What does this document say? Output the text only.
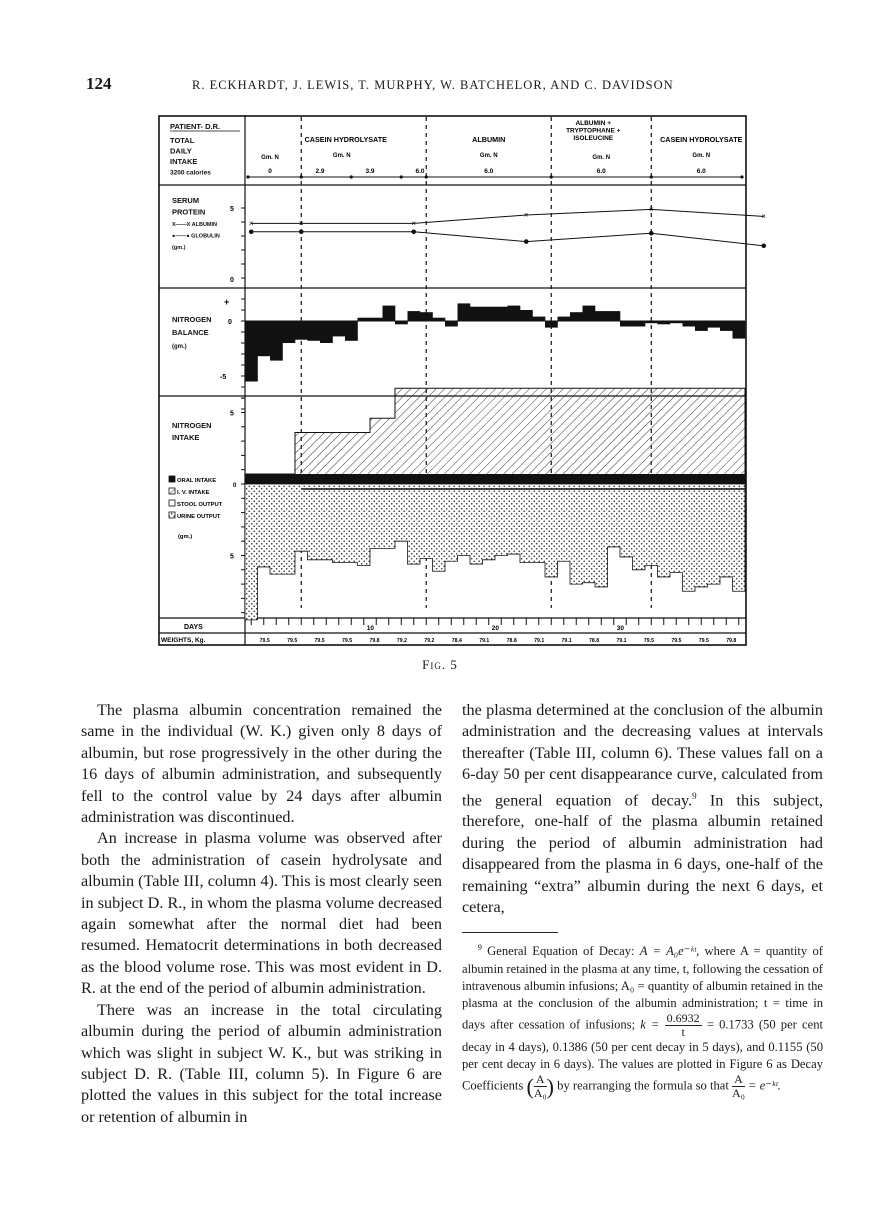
124	R. ECKHARDT, J. LEWIS, T. MURPHY, W. BATCHELOR, AND C. DAVIDSON
PATIENT- D.R.
TOTAL
DAILY
INTAKE
3200 calories
Gm. N
0
CASEIN HYDROLYSATE
Gm. N
2.9	3.9	6.0
ALBUMIN
Gm. N
6.0
ALBUMIN +
TRYPTOPHANE +
ISOLEUCINE
Gm. N
6.0
CASEIN HYDROLYSATE
Gm. N
6.0
SERUM
PROTEIN
X——X ALBUMIN
●——● GLOBULIN
(gm.)
5
0
NITROGEN
BALANCE
(gm.)
+
0
-5
NITROGEN
INTAKE
5
0
5
ORAL INTAKE
I. V. INTAKE
STOOL OUTPUT
URINE OUTPUT
(gm.)
DAYS	10	20	30
WEIGHTS, Kg.	79.5	79.5	79.5	79.5	79.8	79.2	79.2	78.4	79.1	78.8	79.1	79.1	78.8	79.1	79.5	79.5	79.5	79.8
×	×	×
×
×
×
Fig. 5

The plasma albumin concentration remained the same in the individual (W. K.) given only 8 days of albumin, but rose progressively in the other during the 16 days of albumin administration, and subsequently fell to the control value by 24 days after albumin administration was discontinued.

An increase in plasma volume was observed after both the administration of casein hydrolysate and albumin (Table III, column 4). This is most clearly seen in subject D. R., in whom the plasma volume decreased again somewhat after the normal diet had been resumed. Hematocrit determinations in both decreased as the blood volume rose. This was most evident in D. R. at the end of the period of albumin administration.

There was an increase in the total circulating albumin during the period of albumin administration which was slight in subject W. K., but was striking in subject D. R. (Table III, column 5). In Figure 6 are plotted the values in this subject for the total increase or retention of albumin in

the plasma determined at the conclusion of the albumin administration and the decreasing values at intervals thereafter (Table III, column 6). These values fall on a 6-day 50 per cent disappearance curve, calculated from the general equation of decay.$^9$ In this subject, therefore, one-half of the plasma albumin retained during the period of albumin administration had disappeared from the plasma in 6 days, one-half of the remaining “extra” albumin during the next 6 days, et cetera,

$^9$ General Equation of Decay: A = A₀e⁻ᵏᵗ, where A = quantity of albumin retained in the plasma at any time, t, following the cessation of intravenous albumin infusions; A₀ = quantity of albumin retained in the plasma at the conclusion of the albumin administration; t = time in days after cessation of infusions; $k = \frac{0.6932}{t} = 0.1733$ (50 per cent decay in 4 days), 0.1386 (50 per cent decay in 5 days), and 0.1155 (50 per cent decay in 6 days). The values are plotted in Figure 6 as Decay Coefficients ( $\frac{A}{\text{A₀}}$ ) by rearranging the formula so that $\frac{A}{\text{A₀}}$ = e⁻ᵏᵗ.
